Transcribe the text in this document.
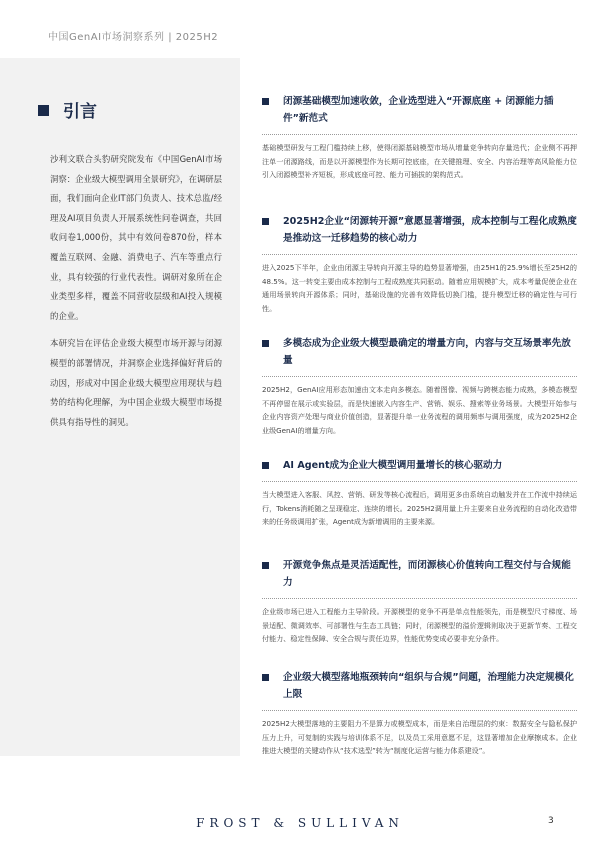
中国GenAI市场洞察系列 | 2025H2
引言

沙利文联合头豹研究院发布《中国GenAI市场洞察：企业级大模型调用全景研究》，在调研层面，我们面向企业IT部门负责人、技术总监/经理及AI项目负责人开展系统性问卷调查，共回收问卷1,000份，其中有效问卷870份，样本覆盖互联网、金融、消费电子、汽车等重点行业，具有较强的行业代表性。调研对象所在企业类型多样，覆盖不同营收层级和AI投入规模的企业。

本研究旨在评估企业级大模型市场开源与闭源模型的部署情况，并洞察企业选择偏好背后的动因，形成对中国企业级大模型应用现状与趋势的结构化理解，为中国企业级大模型市场提供具有指导性的洞见。

闭源基础模型加速收敛，企业选型进入“开源底座 + 闭源能力插件”新范式
基础模型研发与工程门槛持续上移，使得闭源基础模型市场从增量竞争转向存量迭代；企业侧不再押注单一闭源路线，而是以开源模型作为长期可控底座，在关键推理、安全、内容治理等高风险能力位引入闭源模型补齐短板，形成底座可控、能力可插拔的架构范式。
2025H2企业“闭源转开源”意愿显著增强，成本控制与工程化成熟度是推动这一迁移趋势的核心动力
进入2025下半年，企业由闭源主导转向开源主导的趋势显著增强，由25H1的25.9%增长至25H2的48.5%。这一转变主要由成本控制与工程成熟度共同驱动。随着应用规模扩大，成本考量促使企业在通用场景转向开源体系；同时，基础设施的完善有效降低切换门槛，提升模型迁移的确定性与可行性。
多模态成为企业级大模型最确定的增量方向，内容与交互场景率先放量
2025H2，GenAI应用形态加速由文本走向多模态。随着图像、视频与跨模态能力成熟，多模态模型不再停留在展示或实验层，而是快速嵌入内容生产、营销、娱乐、搜索等业务场景。大模型开始参与企业内容资产处理与商业价值创造，显著提升单一业务流程的调用频率与调用强度，成为2025H2企业级GenAI的增量方向。
AI Agent成为企业大模型调用量增长的核心驱动力
当大模型进入客服、风控、营销、研发等核心流程后，调用更多由系统自动触发并在工作流中持续运行，Tokens消耗随之呈现稳定、连续的增长。2025H2调用量上升主要来自业务流程的自动化改造带来的任务级调用扩张，Agent成为新增调用的主要来源。
开源竞争焦点是灵活适配性，而闭源核心价值转向工程交付与合规能力
企业级市场已进入工程能力主导阶段。开源模型的竞争不再是单点性能领先，而是模型尺寸梯度、场景适配、微调效率、可部署性与生态工具链；同时，闭源模型的溢价逻辑则取决于更新节奏、工程交付能力、稳定性保障、安全合规与责任边界，性能优势变成必要非充分条件。
企业级大模型落地瓶颈转向“组织与合规”问题，治理能力决定规模化上限
2025H2大模型落地的主要阻力不是算力或模型成本，而是来自治理层的约束：数据安全与隐私保护压力上升，可复制的实践与培训体系不足，以及员工采用意愿不足，这显著增加企业摩擦成本。企业推进大模型的关键动作从“技术选型”转为“制度化运营与能力体系建设”。
FROST & SULLIVAN	3
